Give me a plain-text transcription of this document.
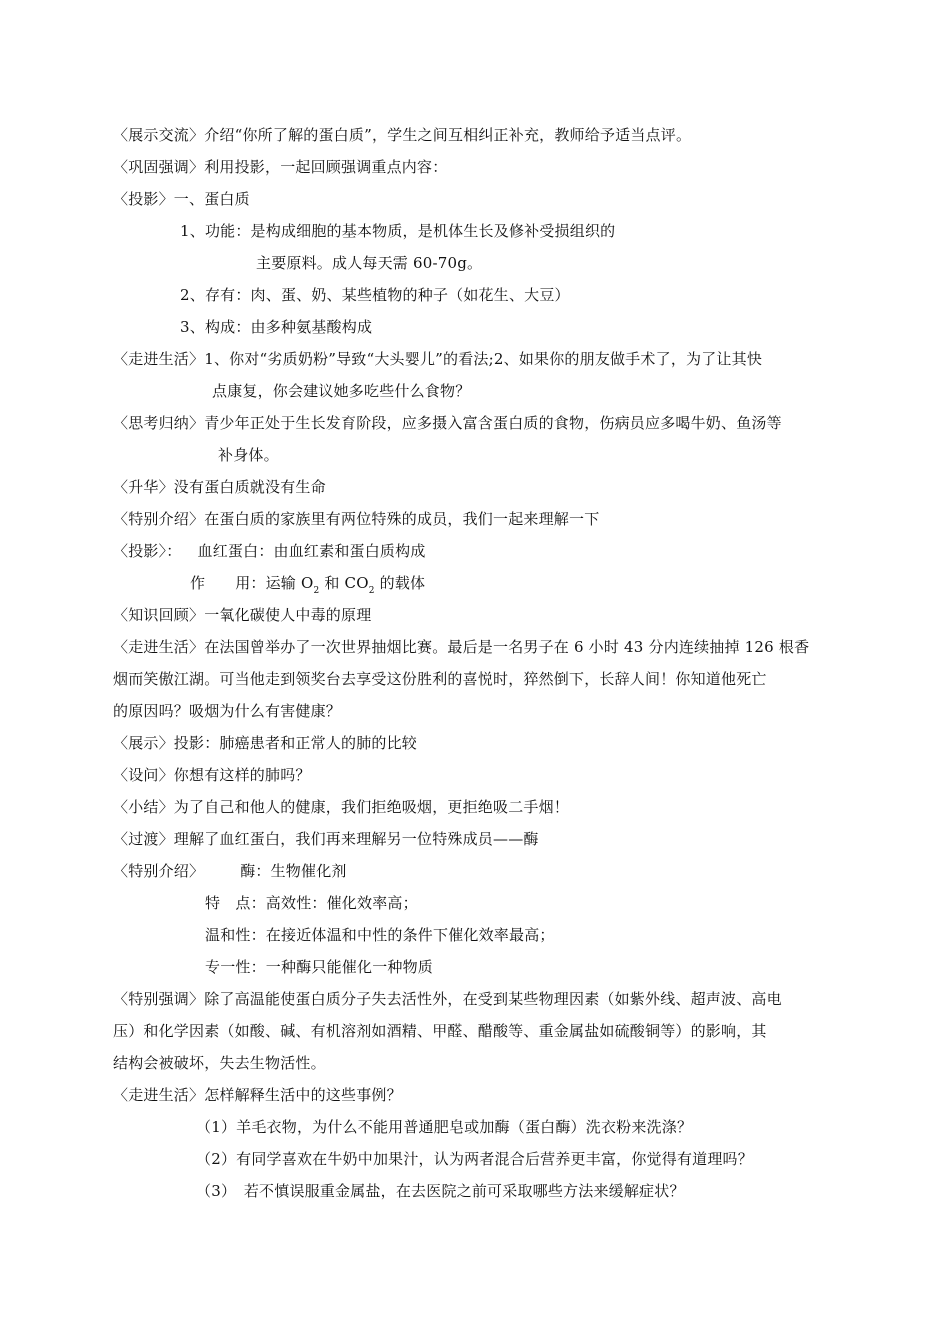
〈展示交流〉介绍“你所了解的蛋白质”，学生之间互相纠正补充，教师给予适当点评。
〈巩固强调〉利用投影，一起回顾强调重点内容：
〈投影〉一、蛋白质
1、功能：是构成细胞的基本物质，是机体生长及修补受损组织的
主要原料。成人每天需 60-70g。
2、存有：肉、蛋、奶、某些植物的种子（如花生、大豆）
3、构成：由多种氨基酸构成
〈走进生活〉1、你对“劣质奶粉”导致“大头婴儿”的看法;2、如果你的朋友做手术了，为了让其快
点康复，你会建议她多吃些什么食物？
〈思考归纳〉青少年正处于生长发育阶段，应多摄入富含蛋白质的食物，伤病员应多喝牛奶、鱼汤等
补身体。
〈升华〉没有蛋白质就没有生命
〈特别介绍〉在蛋白质的家族里有两位特殊的成员，我们一起来理解一下
〈投影〉： 血红蛋白：由血红素和蛋白质构成
作 用：运输 $O_2$ 和 $CO_2$ 的载体
〈知识回顾〉一氧化碳使人中毒的原理
〈走进生活〉在法国曾举办了一次世界抽烟比赛。最后是一名男子在 6 小时 43 分内连续抽掉 126 根香
烟而笑傲江湖。可当他走到领奖台去享受这份胜利的喜悦时，猝然倒下，长辞人间！你知道他死亡
的原因吗？吸烟为什么有害健康？
〈展示〉投影：肺癌患者和正常人的肺的比较
〈设问〉你想有这样的肺吗？
〈小结〉为了自己和他人的健康，我们拒绝吸烟，更拒绝吸二手烟！
〈过渡〉理解了血红蛋白，我们再来理解另一位特殊成员——酶
〈特别介绍〉 酶：生物催化剂
特　点：高效性：催化效率高；
温和性：在接近体温和中性的条件下催化效率最高；
专一性：一种酶只能催化一种物质
〈特别强调〉除了高温能使蛋白质分子失去活性外，在受到某些物理因素（如紫外线、超声波、高电
压）和化学因素（如酸、碱、有机溶剂如酒精、甲醛、醋酸等、重金属盐如硫酸铜等）的影响，其
结构会被破坏，失去生物活性。
〈走进生活〉怎样解释生活中的这些事例？
（1）羊毛衣物，为什么不能用普通肥皂或加酶（蛋白酶）洗衣粉来洗涤？
（2）有同学喜欢在牛奶中加果汁，认为两者混合后营养更丰富，你觉得有道理吗？
（3）　若不慎误服重金属盐，在去医院之前可采取哪些方法来缓解症状？
